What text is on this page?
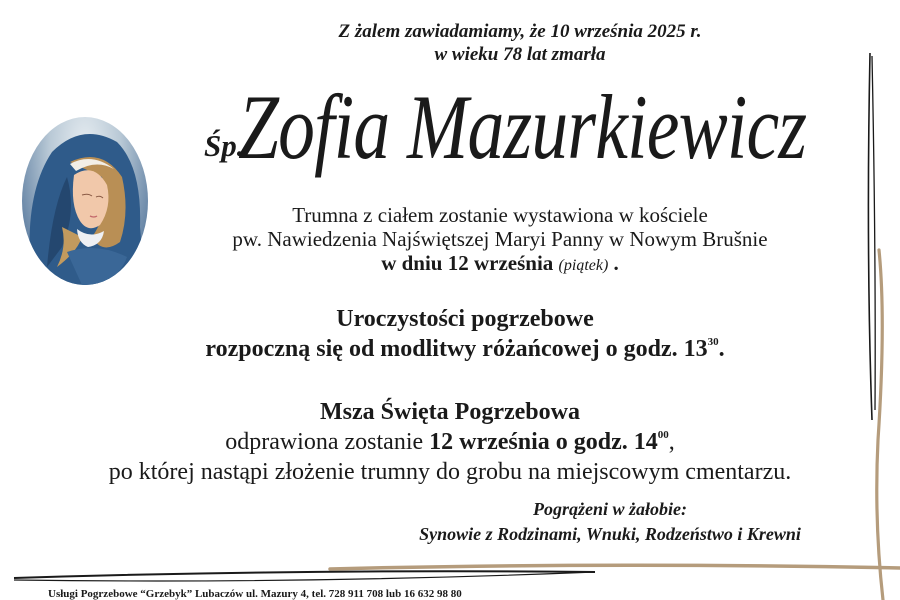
Z żalem zawiadamiamy, że 10 września 2025 r.
w wieku 78 lat zmarła
Śp.
Zofia Mazurkiewicz
Trumna z ciałem zostanie wystawiona w kościele
pw. Nawiedzenia Najświętszej Maryi Panny w Nowym Brušnie
w dniu 12 września (piątek) .
Uroczystości pogrzebowe
rozpoczną się od modlitwy różańcowej o godz. $13^{30}$.
Msza Święta Pogrzebowa
odprawiona zostanie 12 września o godz. $14^{00}$,
po której nastąpi złożenie trumny do grobu na miejscowym cmentarzu.
Pogrążeni w żałobie:
Synowie z Rodzinami, Wnuki, Rodzeństwo i Krewni
Usługi Pogrzebowe “Grzebyk” Lubaczów ul. Mazury 4, tel. 728 911 708 lub 16 632 98 80
